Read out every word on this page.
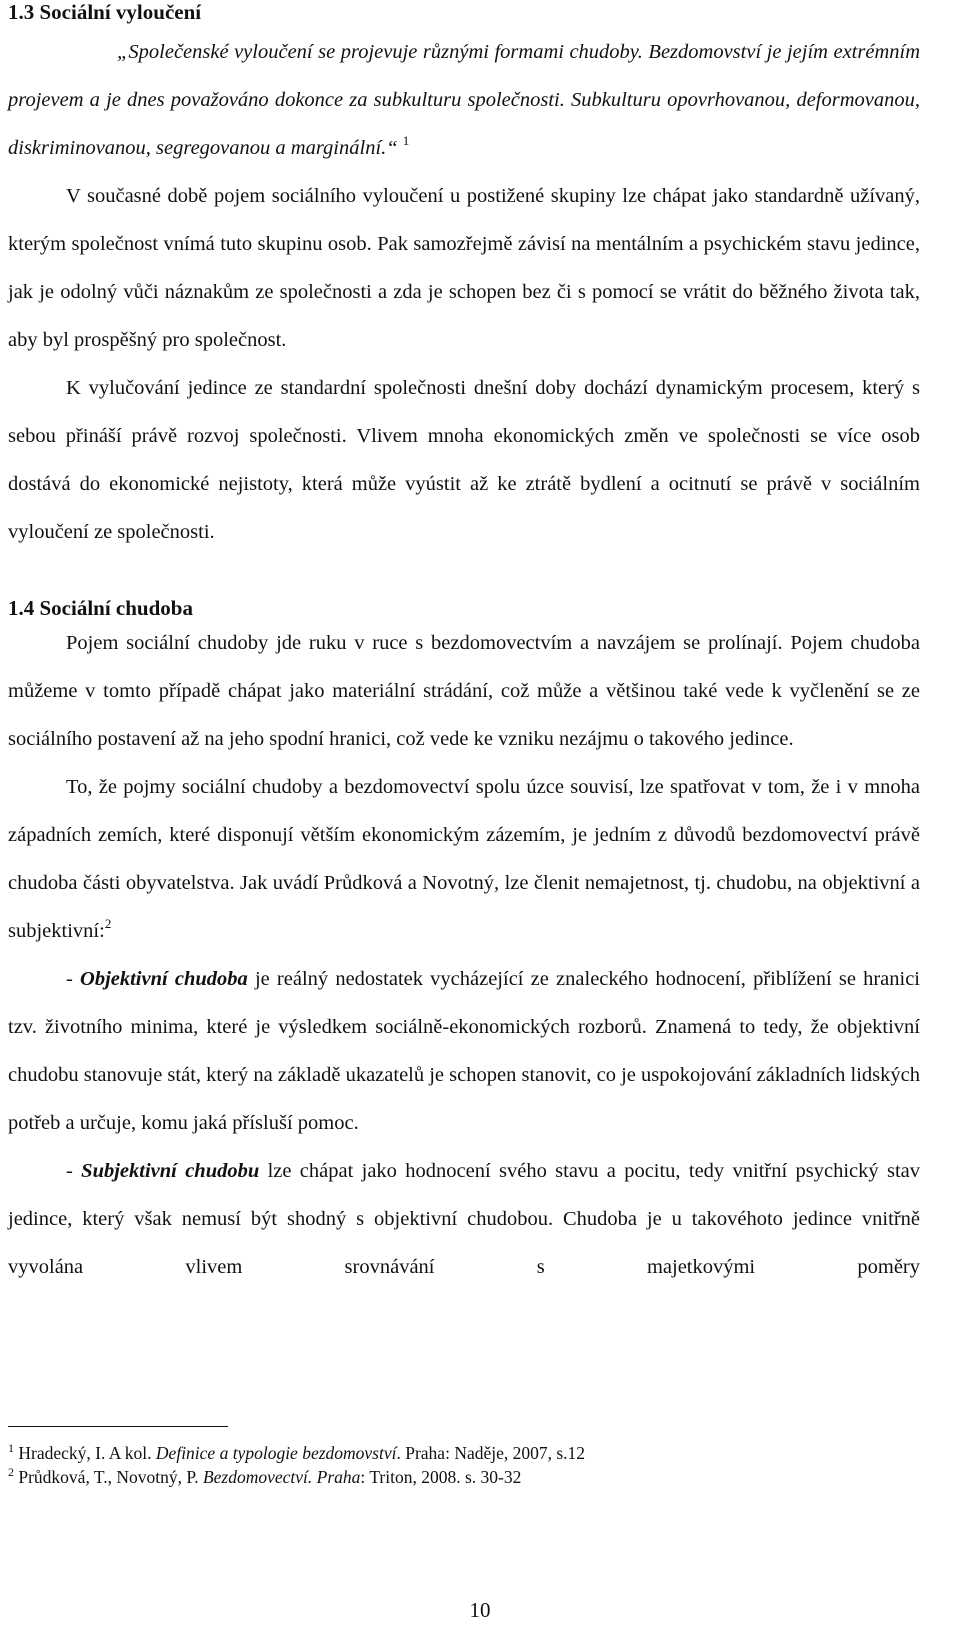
1.3 Sociální vyloučení

„Společenské vyloučení se projevuje různými formami chudoby. Bezdomovství je jejím extrémním projevem a je dnes považováno dokonce za subkulturu společnosti. Subkulturu opovrhovanou, deformovanou, diskriminovanou, segregovanou a marginální.“ $^1$

V současné době pojem sociálního vyloučení u postižené skupiny lze chápat jako standardně užívaný, kterým společnost vnímá tuto skupinu osob. Pak samozřejmě závisí na mentálním a psychickém stavu jedince, jak je odolný vůči náznakům ze společnosti a zda je schopen bez či s pomocí se vrátit do běžného života tak, aby byl prospěšný pro společnost.

K vylučování jedince ze standardní společnosti dnešní doby dochází dynamickým procesem, který s sebou přináší právě rozvoj společnosti. Vlivem mnoha ekonomických změn ve společnosti se více osob dostává do ekonomické nejistoty, která může vyústit až ke ztrátě bydlení a ocitnutí se právě v sociálním vyloučení ze společnosti.

1.4 Sociální chudoba

Pojem sociální chudoby jde ruku v ruce s bezdomovectvím a navzájem se prolínají. Pojem chudoba můžeme v tomto případě chápat jako materiální strádání, což může a většinou také vede k vyčlenění se ze sociálního postavení až na jeho spodní hranici, což vede ke vzniku nezájmu o takového jedince.

To, že pojmy sociální chudoby a bezdomovectví spolu úzce souvisí, lze spatřovat v tom, že i v mnoha západních zemích, které disponují větším ekonomickým zázemím, je jedním z důvodů bezdomovectví právě chudoba části obyvatelstva. Jak uvádí Průdková a Novotný, lze členit nemajetnost, tj. chudobu, na objektivní a subjektivní:$^2$

- Objektivní chudoba je reálný nedostatek vycházející ze znaleckého hodnocení, přiblížení se hranici tzv. životního minima, které je výsledkem sociálně-ekonomických rozborů. Znamená to tedy, že objektivní chudobu stanovuje stát, který na základě ukazatelů je schopen stanovit, co je uspokojování základních lidských potřeb a určuje, komu jaká přísluší pomoc.

- Subjektivní chudobu lze chápat jako hodnocení svého stavu a pocitu, tedy vnitřní psychický stav jedince, který však nemusí být shodný s objektivní chudobou. Chudoba je u takovéhoto jedince vnitřně vyvolána vlivem srovnávání s majetkovými poměry

$^1$ Hradecký, I. A kol. Definice a typologie bezdomovství. Praha: Naděje, 2007, s.12
$^2$ Průdková, T., Novotný, P. Bezdomovectví. Praha: Triton, 2008. s. 30-32
10
